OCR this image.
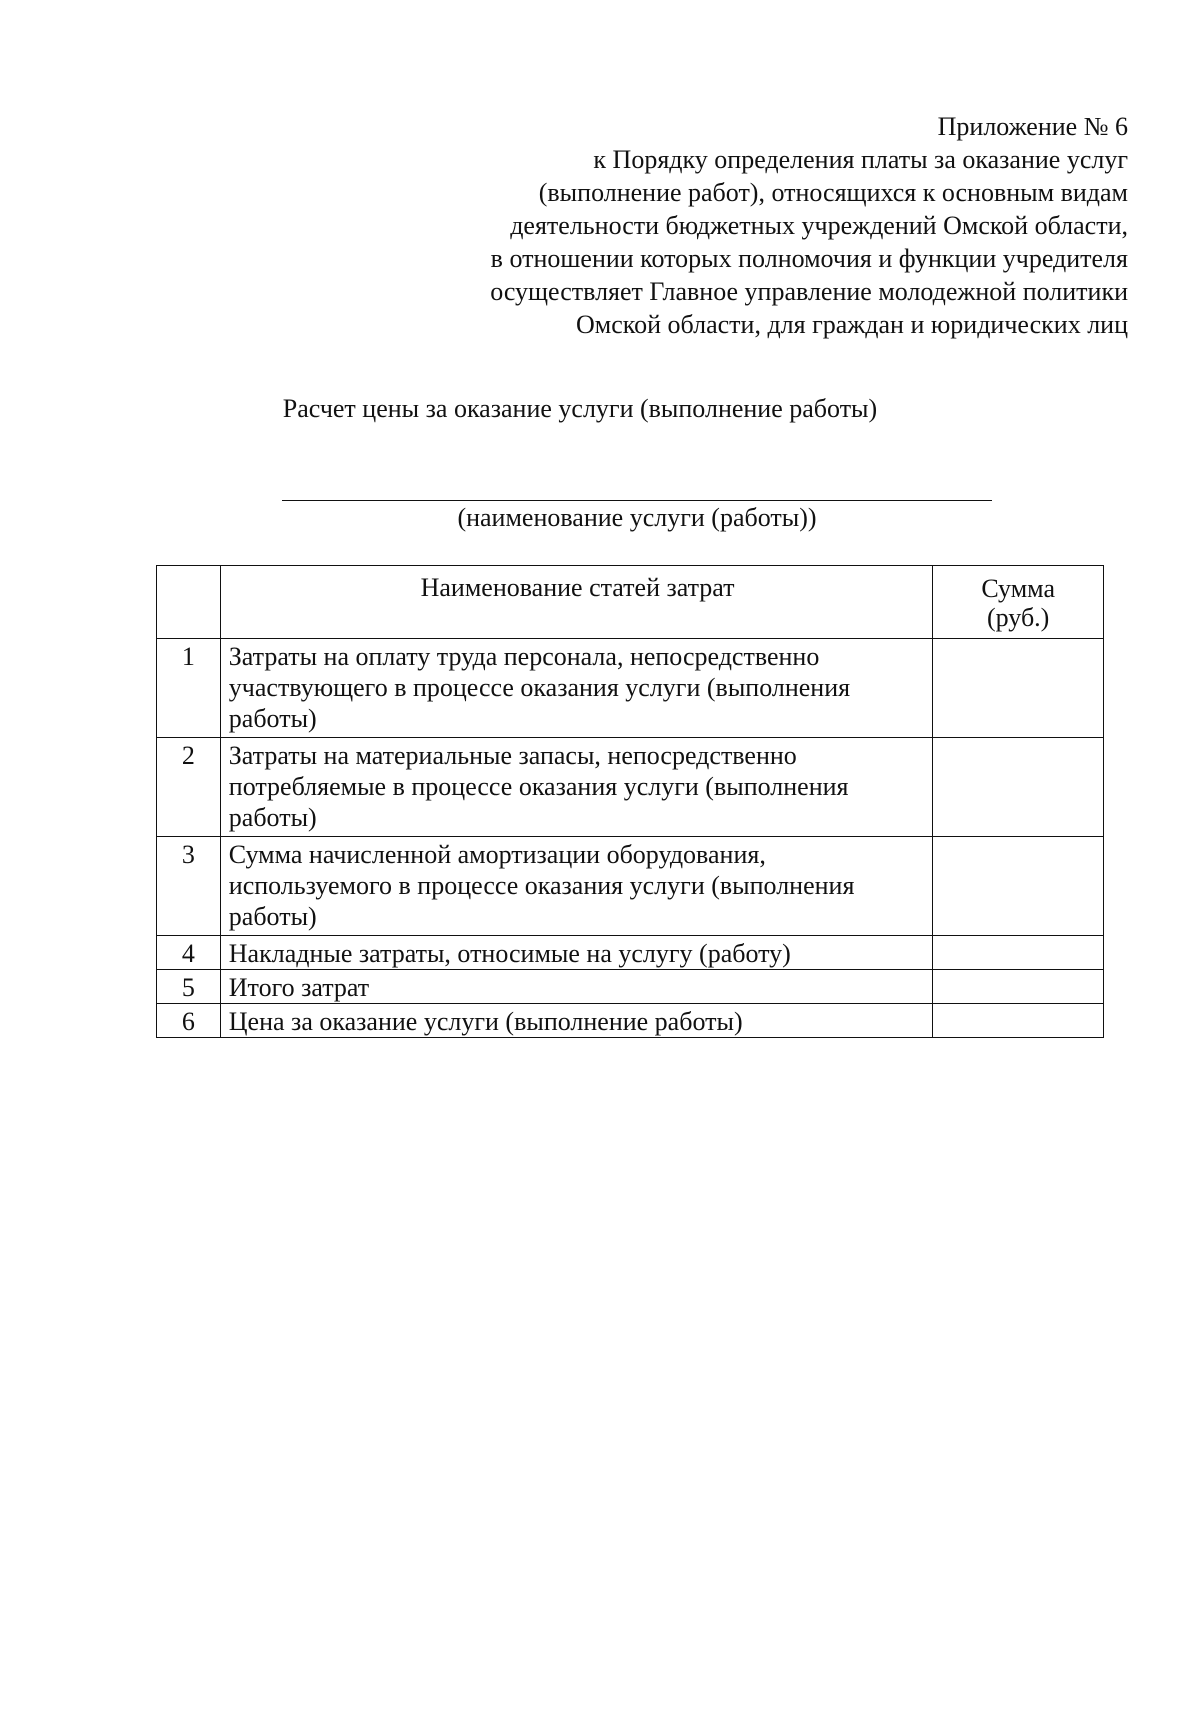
Приложение № 6
к Порядку определения платы за оказание услуг
(выполнение работ), относящихся к основным видам
деятельности бюджетных учреждений Омской области,
в отношении которых полномочия и функции учредителя
осуществляет Главное управление молодежной политики
Омской области, для граждан и юридических лиц
Расчет цены за оказание услуги (выполнение работы)
(наименование услуги (работы))
	Наименование статей затрат	Сумма
(руб.)

1	Затраты на оплату труда персонала, непосредственно участвующего в процессе оказания услуги (выполнения работы)	
2	Затраты на материальные запасы, непосредственно потребляемые в процессе оказания услуги (выполнения работы)	
3	Сумма начисленной амортизации оборудования, используемого в процессе оказания услуги (выполнения работы)	
4	Накладные затраты, относимые на услугу (работу)	
5	Итого затрат	
6	Цена за оказание услуги (выполнение работы)	
